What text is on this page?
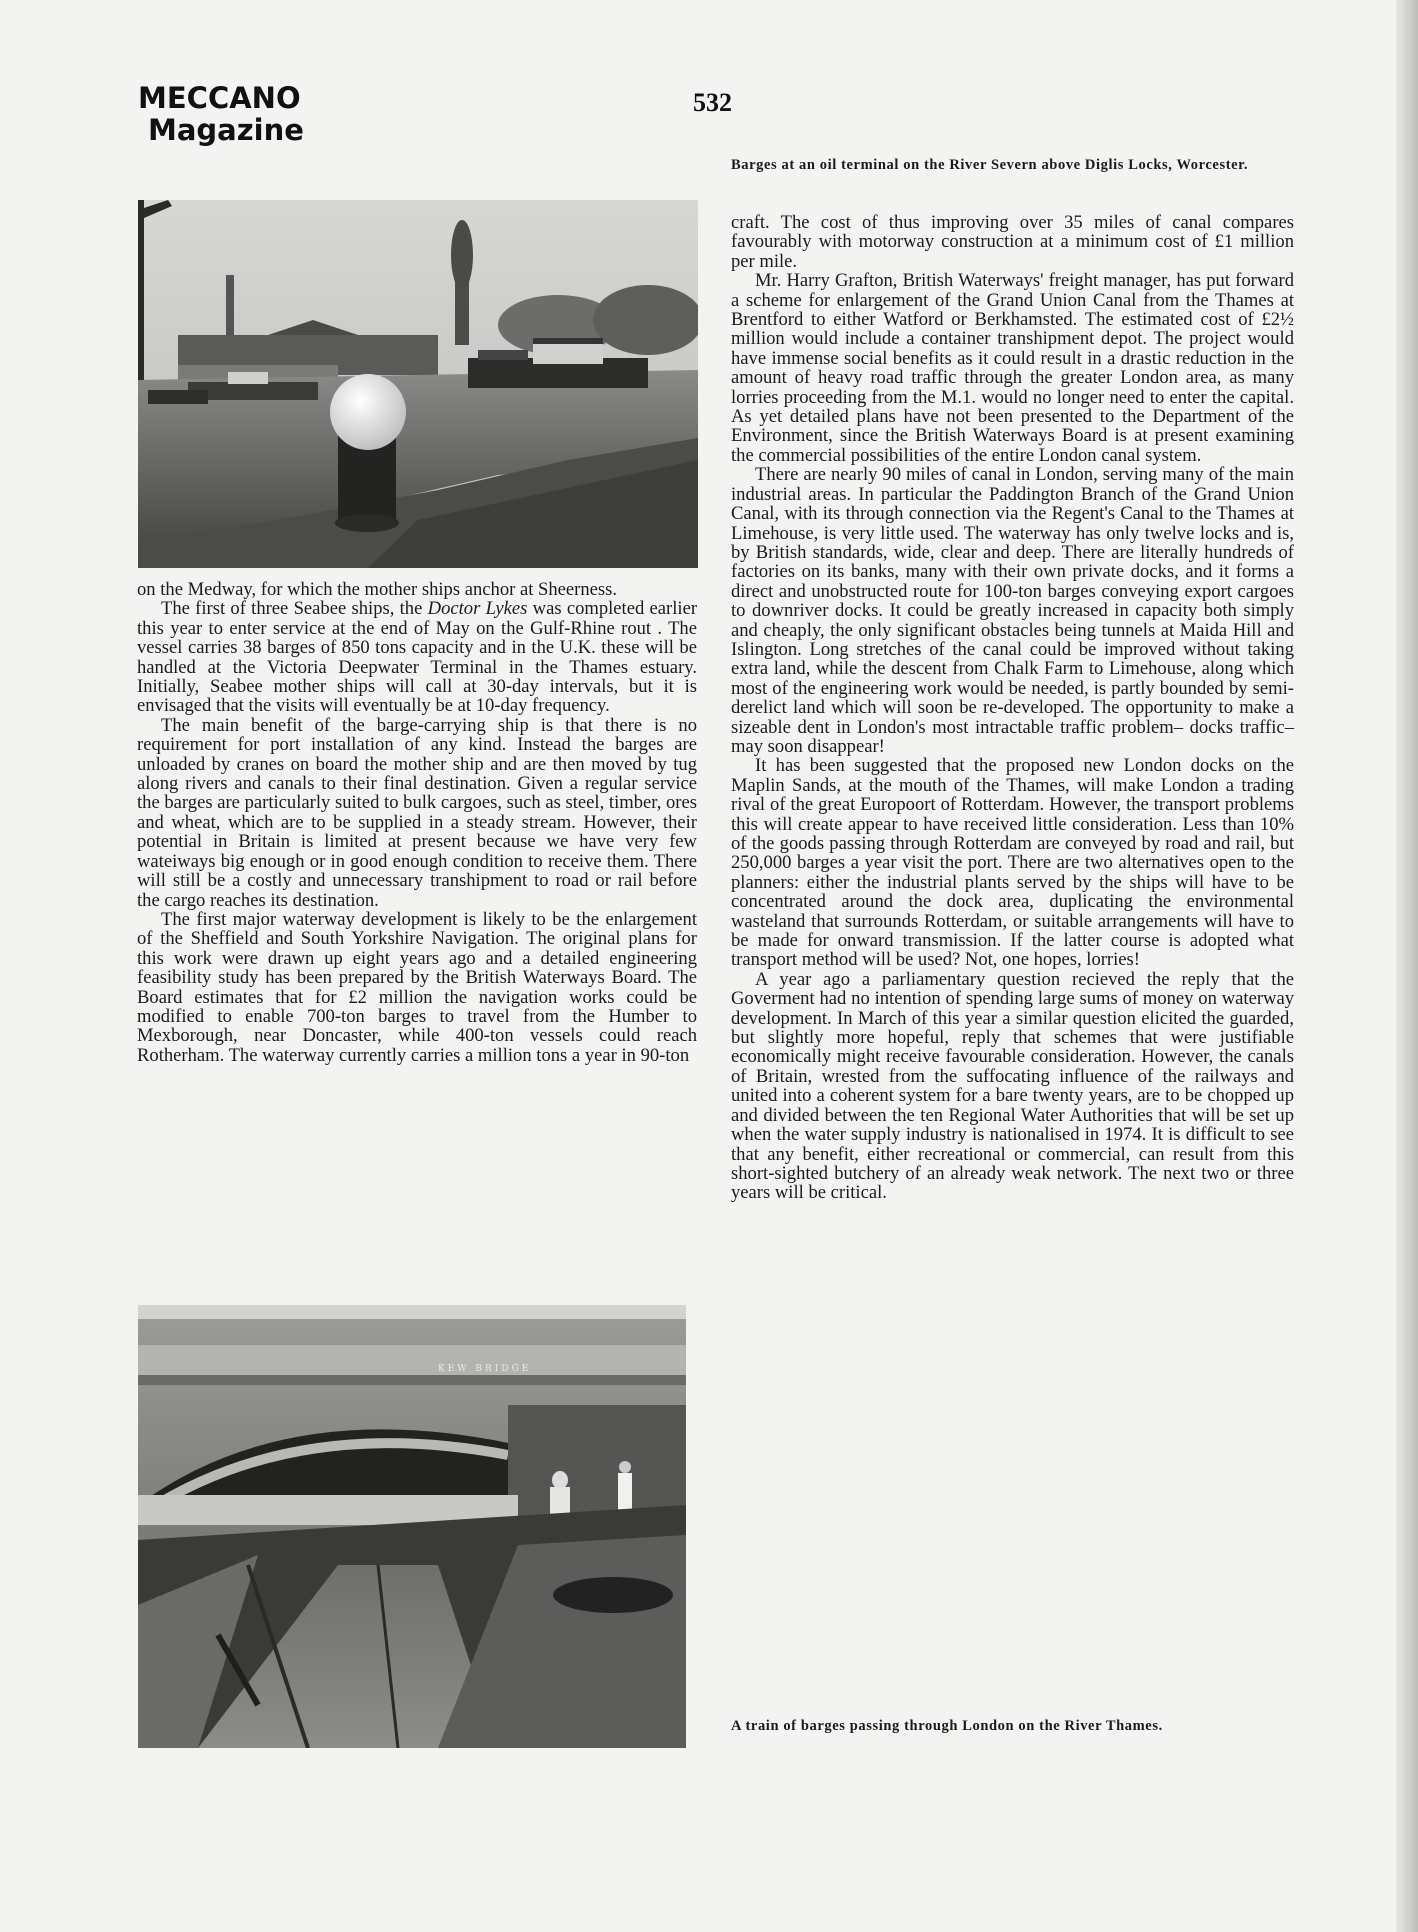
MECCANO
Magazine
532

on the Medway, for which the mother ships anchor at Sheerness.

The first of three Seabee ships, the Doctor Lykes was completed earlier this year to enter service at the end of May on the Gulf-Rhine rout . The vessel carries 38 barges of 850 tons capacity and in the U.K. these will be handled at the Victoria Deepwater Terminal in the Thames estuary. Initially, Seabee mother ships will call at 30-day intervals, but it is envisaged that the visits will eventually be at 10-day frequency.

The main benefit of the barge-carrying ship is that there is no requirement for port installation of any kind. Instead the barges are unloaded by cranes on board the mother ship and are then moved by tug along rivers and canals to their final destination. Given a regular service the barges are particularly suited to bulk cargoes, such as steel, timber, ores and wheat, which are to be supplied in a steady stream. However, their potential in Britain is limited at present because we have very few wateiways big enough or in good enough condition to receive them. There will still be a costly and unnecessary transhipment to road or rail before the cargo reaches its destination.

The first major waterway development is likely to be the enlargement of the Sheffield and South Yorkshire Navigation. The original plans for this work were drawn up eight years ago and a detailed engineering feasibility study has been prepared by the British Waterways Board. The Board estimates that for £2 million the navigation works could be modified to enable 700-ton barges to travel from the Humber to Mexborough, near Doncaster, while 400-ton vessels could reach Rotherham. The waterway currently carries a million tons a year in 90-ton

KEW BRIDGE
Barges at an oil terminal on the River Severn above Diglis Locks, Worcester.

craft. The cost of thus improving over 35 miles of canal compares favourably with motorway construction at a minimum cost of £1 million per mile.

Mr. Harry Grafton, British Waterways' freight manager, has put forward a scheme for enlargement of the Grand Union Canal from the Thames at Brentford to either Watford or Berkhamsted. The estimated cost of £2½ million would include a container transhipment depot. The project would have immense social benefits as it could result in a drastic reduction in the amount of heavy road traffic through the greater London area, as many lorries proceeding from the M.1. would no longer need to enter the capital. As yet detailed plans have not been presented to the Department of the Environment, since the British Waterways Board is at present examining the commercial possibilities of the entire London canal system.

There are nearly 90 miles of canal in London, serving many of the main industrial areas. In particular the Paddington Branch of the Grand Union Canal, with its through connection via the Regent's Canal to the Thames at Limehouse, is very little used. The waterway has only twelve locks and is, by British standards, wide, clear and deep. There are literally hundreds of factories on its banks, many with their own private docks, and it forms a direct and unobstructed route for 100-ton barges conveying export cargoes to downriver docks. It could be greatly increased in capacity both simply and cheaply, the only significant obstacles being tunnels at Maida Hill and Islington. Long stretches of the canal could be improved without taking extra land, while the descent from Chalk Farm to Limehouse, along which most of the engineering work would be needed, is partly bounded by semi-derelict land which will soon be re-developed. The opportunity to make a sizeable dent in London's most intractable traffic problem– docks traffic– may soon disappear!

It has been suggested that the proposed new London docks on the Maplin Sands, at the mouth of the Thames, will make London a trading rival of the great Europoort of Rotterdam. However, the transport problems this will create appear to have received little consideration. Less than 10% of the goods passing through Rotterdam are conveyed by road and rail, but 250,000 barges a year visit the port. There are two alternatives open to the planners: either the industrial plants served by the ships will have to be concentrated around the dock area, duplicating the environmental wasteland that surrounds Rotterdam, or suitable arrangements will have to be made for onward transmission. If the latter course is adopted what transport method will be used? Not, one hopes, lorries!

A year ago a parliamentary question recieved the reply that the Goverment had no intention of spending large sums of money on waterway development. In March of this year a similar question elicited the guarded, but slightly more hopeful, reply that schemes that were justifiable economically might receive favourable consideration. However, the canals of Britain, wrested from the suffocating influence of the railways and united into a coherent system for a bare twenty years, are to be chopped up and divided between the ten Regional Water Authorities that will be set up when the water supply industry is nationalised in 1974. It is difficult to see that any benefit, either recreational or commercial, can result from this short-sighted butchery of an already weak network. The next two or three years will be critical.

A train of barges passing through London on the River Thames.
